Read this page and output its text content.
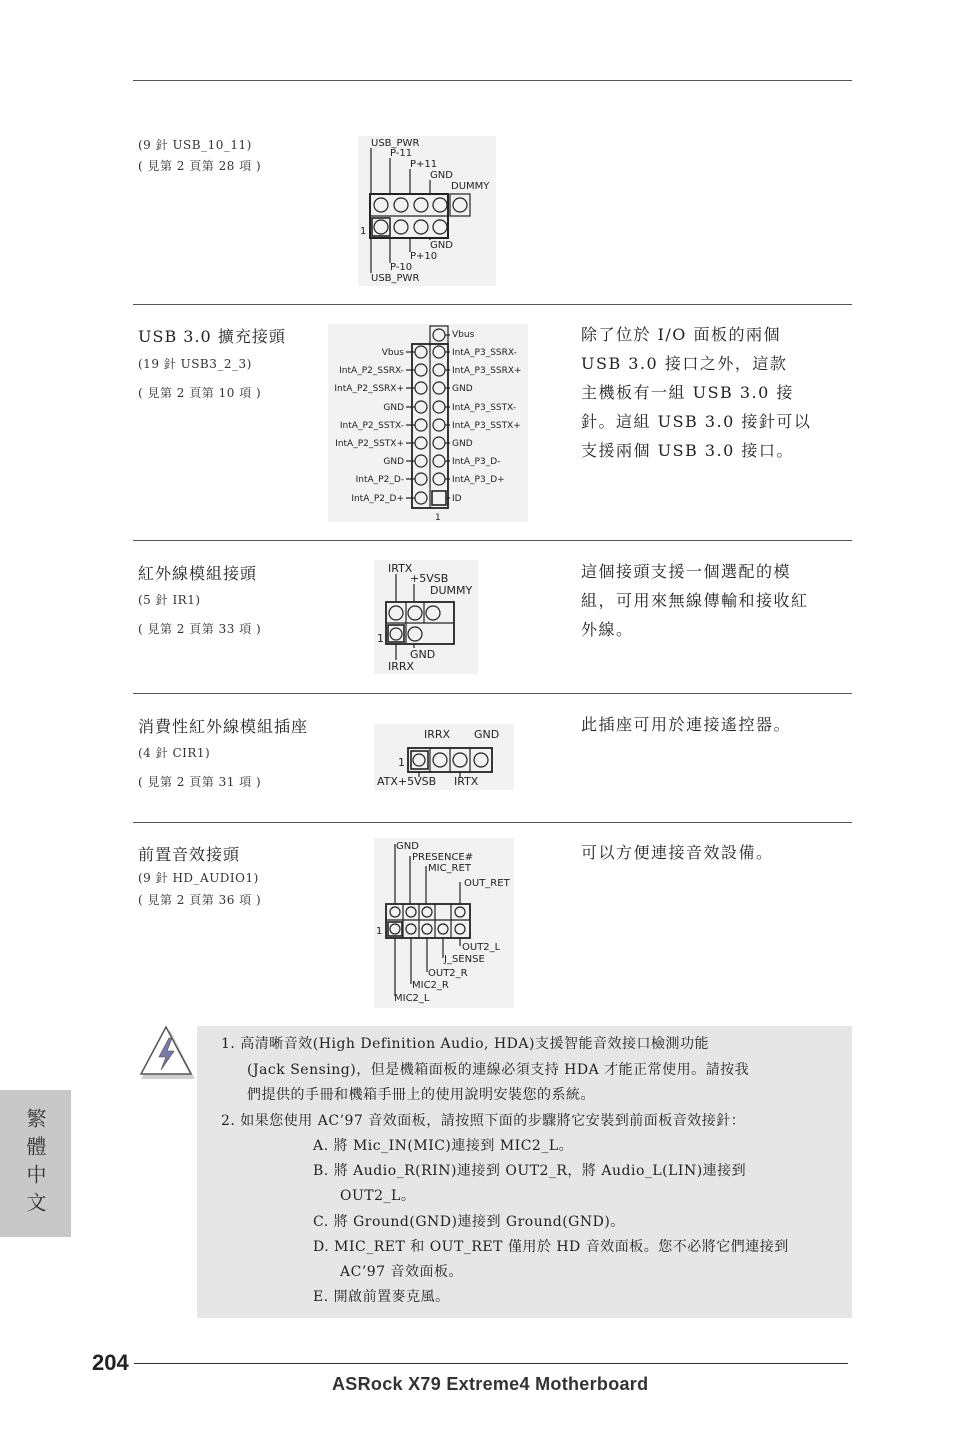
(9 針 USB_10_11)
( 見第 2 頁第 28 項 )
USB_PWR
P-11
P+11
GND
DUMMY
1
GND
P+10
P-10
USB_PWR
USB 3.0 擴充接頭
(19 針 USB3_2_3)
( 見第 2 頁第 10 項 )
Vbus
IntA_P2_SSRX-
IntA_P2_SSRX+
GND
IntA_P2_SSTX-
IntA_P2_SSTX+
GND
IntA_P2_D-
IntA_P2_D+
Vbus
IntA_P3_SSRX-
IntA_P3_SSRX+
GND
IntA_P3_SSTX-
IntA_P3_SSTX+
GND
IntA_P3_D-
IntA_P3_D+
ID
1
除了位於 I/O 面板的兩個
USB 3.0 接口之外，這款
主機板有一組 USB 3.0 接
針。這組 USB 3.0 接針可以
支援兩個 USB 3.0 接口。
紅外線模組接頭
(5 針 IR1)
( 見第 2 頁第 33 項 )
IRTX
+5VSB
DUMMY
1
GND
IRRX
這個接頭支援一個選配的模
組，可用來無線傳輸和接收紅
外線。
消費性紅外線模組插座
(4 針 CIR1)
( 見第 2 頁第 31 項 )
IRRX GND
1
ATX+5VSB IRTX
此插座可用於連接遙控器。
前置音效接頭
(9 針 HD_AUDIO1)
( 見第 2 頁第 36 項 )
GND
PRESENCE#
MIC_RET
OUT_RET
1
OUT2_L
J_SENSE
OUT2_R
MIC2_R
MIC2_L
可以方便連接音效設備。
1. 高清晰音效(High Definition Audio, HDA)支援智能音效接口檢測功能
(Jack Sensing)，但是機箱面板的連線必須支持 HDA 才能正常使用。請按我
們提供的手冊和機箱手冊上的使用說明安裝您的系統。
2. 如果您使用 AC’97 音效面板，請按照下面的步驟將它安裝到前面板音效接針：
A. 將 Mic_IN(MIC)連接到 MIC2_L。
B. 將 Audio_R(RIN)連接到 OUT2_R，將 Audio_L(LIN)連接到
OUT2_L。
C. 將 Ground(GND)連接到 Ground(GND)。
D. MIC_RET 和 OUT_RET 僅用於 HD 音效面板。您不必將它們連接到
AC’97 音效面板。
E. 開啟前置麥克風。
繁體中文
204
ASRock X79 Extreme4 Motherboard
